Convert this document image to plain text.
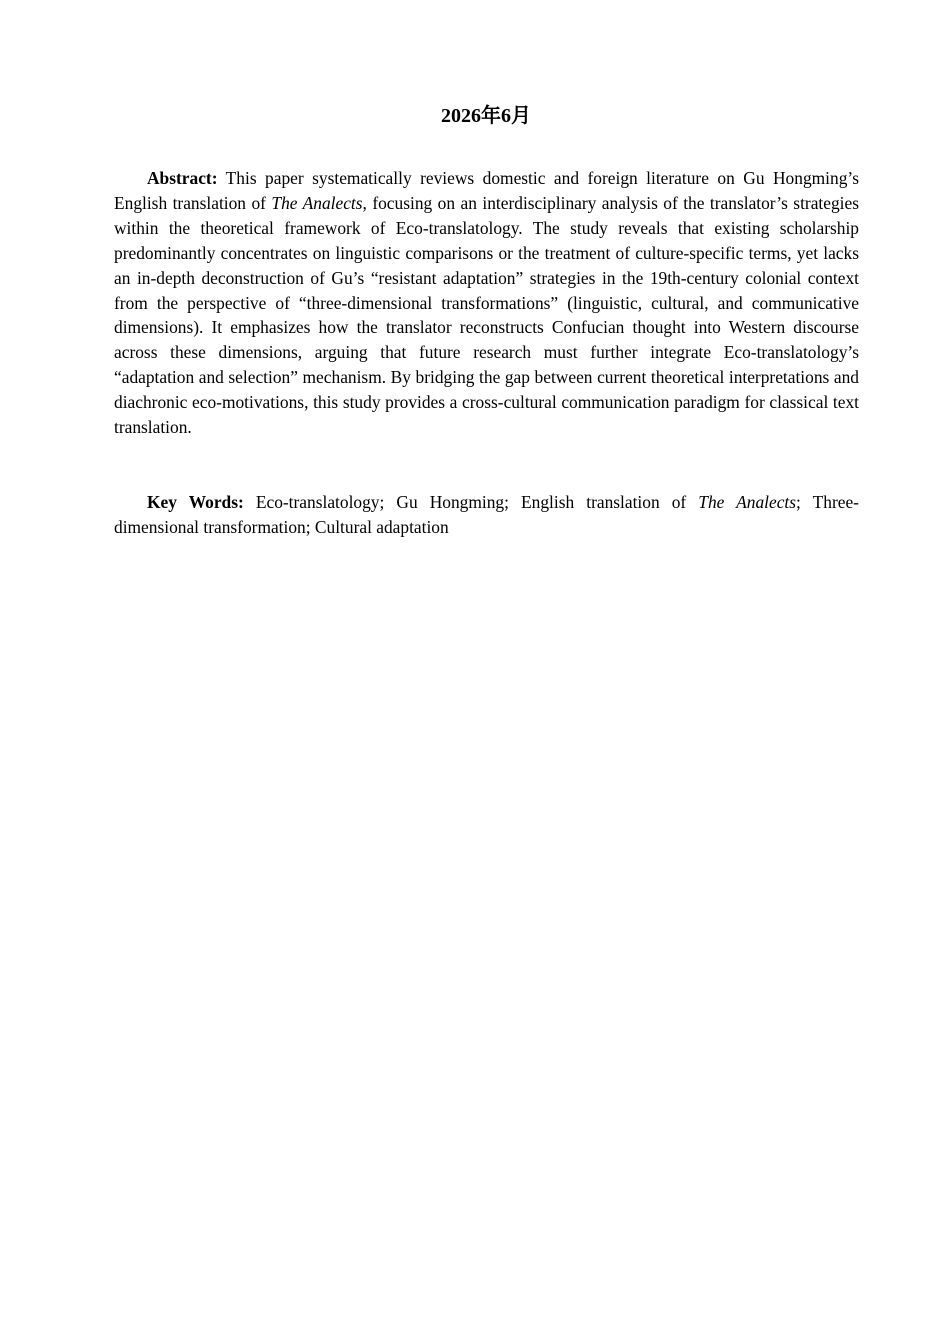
2026年6月

Abstract: This paper systematically reviews domestic and foreign literature on Gu Hongming’s English translation of The Analects, focusing on an interdisciplinary analysis of the translator’s strategies within the theoretical framework of Eco-translatology. The study reveals that existing scholarship predominantly concentrates on linguistic comparisons or the treatment of culture-specific terms, yet lacks an in-depth deconstruction of Gu’s “resistant adaptation” strategies in the 19th-century colonial context from the perspective of “three-dimensional transformations” (linguistic, cultural, and communicative dimensions). It emphasizes how the translator reconstructs Confucian thought into Western discourse across these dimensions, arguing that future research must further integrate Eco-translatology’s “adaptation and selection” mechanism. By bridging the gap between current theoretical interpretations and diachronic eco-motivations, this study provides a cross-cultural communication paradigm for classical text translation.

Key Words: Eco-translatology; Gu Hongming; English translation of The Analects; Three-dimensional transformation; Cultural adaptation
